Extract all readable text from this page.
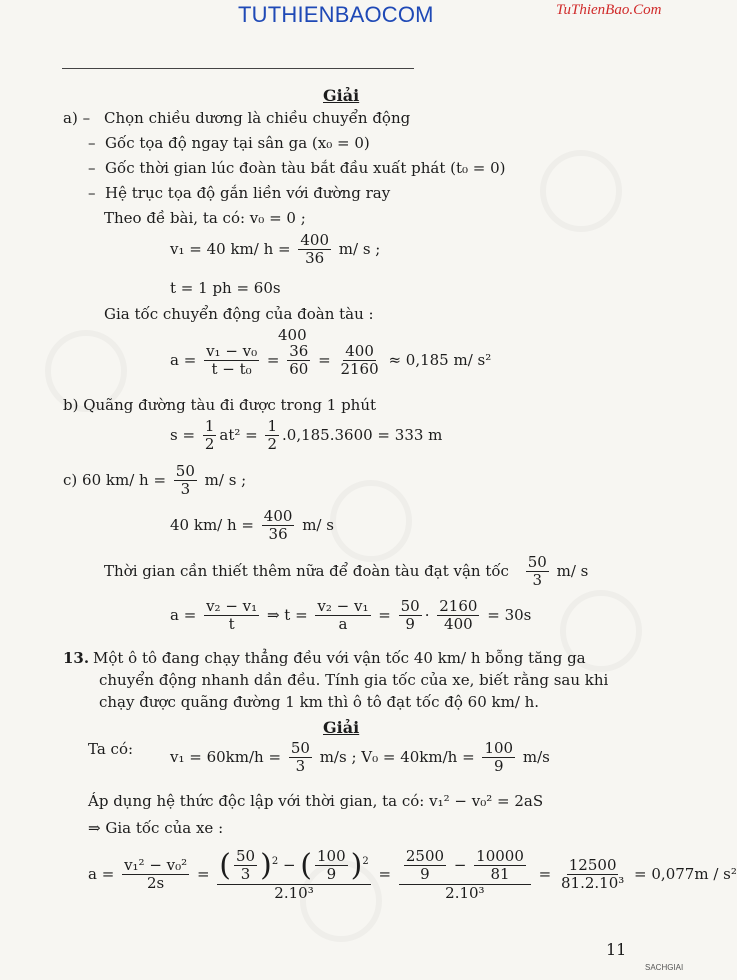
TUTHIENBAOCOM	TuThienBao.Com
Giải
a) – Chọn chiều dương là chiều chuyển động
–  Gốc tọa độ ngay tại sân ga (x₀ = 0)
–  Gốc thời gian lúc đoàn tàu bắt đầu xuất phát (t₀ = 0)
–  Hệ trục tọa độ gắn liền với đường ray
Theo đề bài, ta có: v₀ = 0 ;
v₁ = 40 km/ $h = \frac{400}{36} m/$ s ;
t = 1 ph = 60s
Gia tốc chuyển động của đoàn tàu :
400
$a = \frac{\text{v₁ − v₀}}{\text{t − t₀}} = \frac{36}{60} = \frac{400}{2160} \approx 0,185$ m/ s²
b) Quãng đường tàu đi được trong 1 phút
$s = \frac{1}{2} at^2 = \frac{1}{2} .0,185.3600 = 333$ m
c) 60 km/ $h = \frac{50}{3} m/$ s ;
40 km/ $h = \frac{400}{36} m/$ s
Thời gian cần thiết thêm nữa để đoàn tàu đạt vận tốc $\frac{50}{3} m/$ s
$a = \frac{\text{v₂ − v₁}}{t}$ ⇒ $t = \frac{\text{v₂ − v₁}}{a} = \frac{50}{9} \cdot \frac{2160}{400} = 30s$
13. Một ô tô đang chạy thẳng đều với vận tốc 40 km/ h bỗng tăng ga
chuyển động nhanh dần đều. Tính gia tốc của xe, biết rằng sau khi
chạy được quãng đường 1 km thì ô tô đạt tốc độ 60 km/ h.
Giải
Ta có: $v_1 = 60km/h = \frac{50}{3} m/s$ ; $V_0 = 40km/h = \frac{100}{9} m/s$
Áp dụng hệ thức độc lập với thời gian, ta có: v₁² − v₀² = 2aS
⇒ Gia tốc của xe :
$a = \frac{\text{v₁² − v₀²}}{2s} = \frac{( \frac{50}{3} )^2 - ( \frac{100}{9} )^2}{\text{2.10³}} = \frac{\frac{2500}{9} - \frac{10000}{81}}{\text{2.10³}} = \frac{12500}{\text{81.2.10³}} = 0,077m / s^2$
11
SACHGIAI
